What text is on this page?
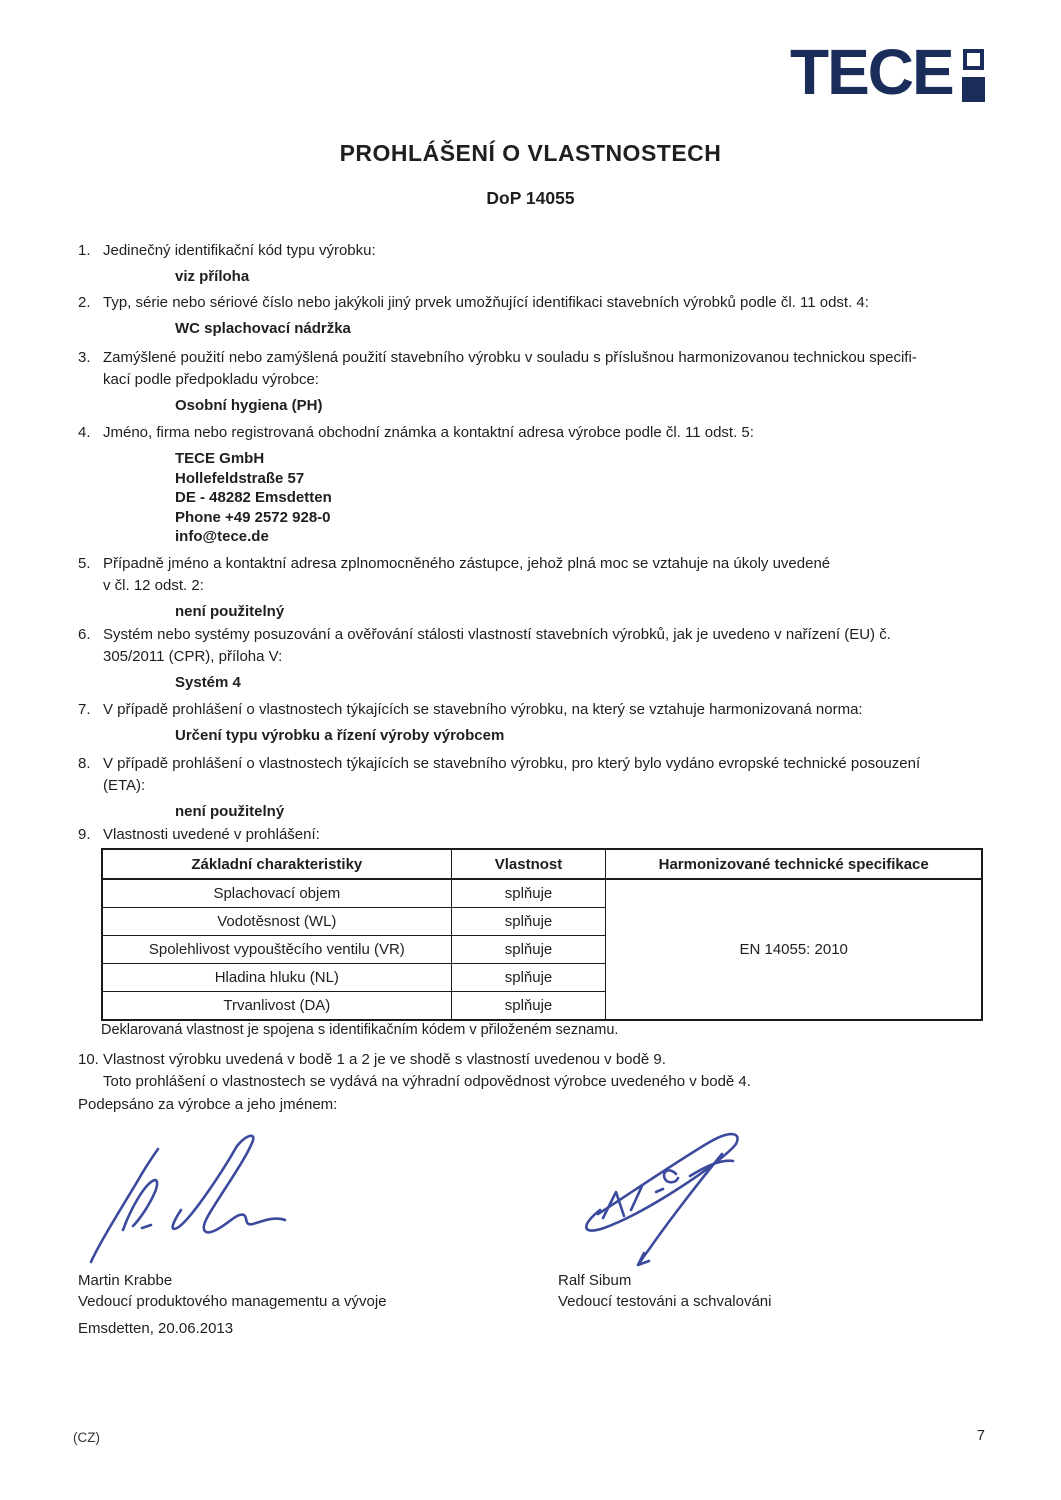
TECE
PROHLÁŠENÍ O VLASTNOSTECH
DoP 14055
1. Jedinečný identifikační kód typu výrobku:
viz příloha
2. Typ, série nebo sériové číslo nebo jakýkoli jiný prvek umožňující identifikaci stavebních výrobků podle čl. 11 odst. 4:
WC splachovací nádržka
3. Zamýšlené použití nebo zamýšlená použití stavebního výrobku v souladu s příslušnou harmonizovanou technickou specifi-
kací podle předpokladu výrobce:
Osobní hygiena (PH)
4. Jméno, firma nebo registrovaná obchodní známka a kontaktní adresa výrobce podle čl. 11 odst. 5:
TECE GmbH
Hollefeldstraße 57
DE - 48282 Emsdetten
Phone +49 2572 928-0
info@tece.de
5. Případně jméno a kontaktní adresa zplnomocněného zástupce, jehož plná moc se vztahuje na úkoly uvedené
v čl. 12 odst. 2:
není použitelný
6. Systém nebo systémy posuzování a ověřování stálosti vlastností stavebních výrobků, jak je uvedeno v nařízení (EU) č.
305/2011 (CPR), příloha V:
Systém 4
7. V případě prohlášení o vlastnostech týkajících se stavebního výrobku, na který se vztahuje harmonizovaná norma:
Určení typu výrobku a řízení výroby výrobcem
8. V případě prohlášení o vlastnostech týkajících se stavebního výrobku, pro který bylo vydáno evropské technické posouzení
(ETA):
není použitelný
9. Vlastnosti uvedené v prohlášení:
Základní charakteristiky	Vlastnost	Harmonizované technické specifikace
Splachovací objem	splňuje	EN 14055: 2010
Vodotěsnost (WL)	splňuje	
Spolehlivost vypouštěcího ventilu (VR)	splňuje	
Hladina hluku (NL)	splňuje	
Trvanlivost (DA)	splňuje	
Deklarovaná vlastnost je spojena s identifikačním kódem v přiloženém seznamu.
10. Vlastnost výrobku uvedená v bodě 1 a 2 je ve shodě s vlastností uvedenou v bodě 9.
Toto prohlášení o vlastnostech se vydává na výhradní odpovědnost výrobce uvedeného v bodě 4.
Podepsáno za výrobce a jeho jménem:
Martin Krabbe
Vedoucí produktového managementu a vývoje
Ralf Sibum
Vedoucí testováni a schvalováni
Emsdetten, 20.06.2013
(CZ)	7
